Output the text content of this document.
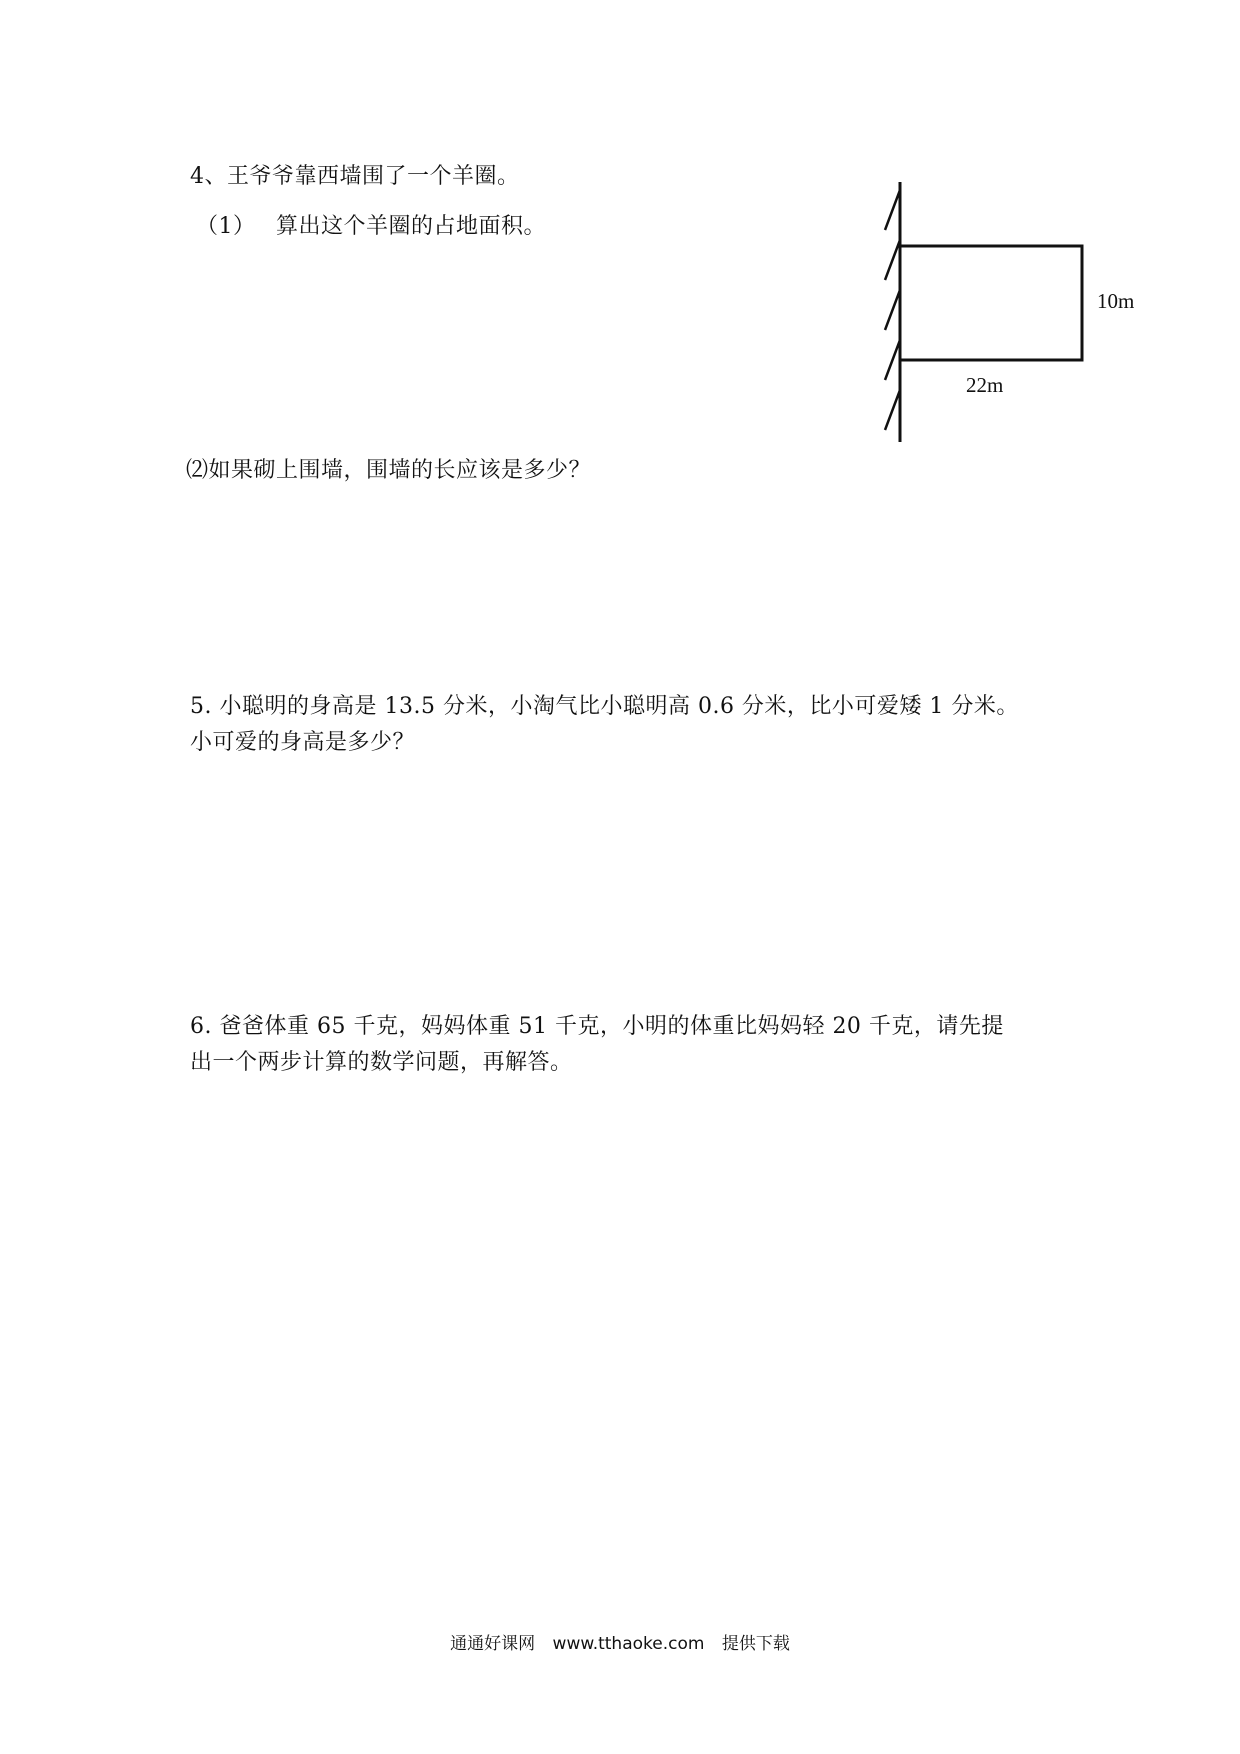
4、王爷爷靠西墙围了一个羊圈。
（1） 算出这个羊圈的占地面积。
10m
22m
⑵如果砌上围墙，围墙的长应该是多少？
5. 小聪明的身高是 13.5 分米，小淘气比小聪明高 0.6 分米，比小可爱矮 1 分米。
小可爱的身高是多少？
6. 爸爸体重 65 千克，妈妈体重 51 千克，小明的体重比妈妈轻 20 千克，请先提
出一个两步计算的数学问题，再解答。
通通好课网 www.tthaoke.com 提供下载
